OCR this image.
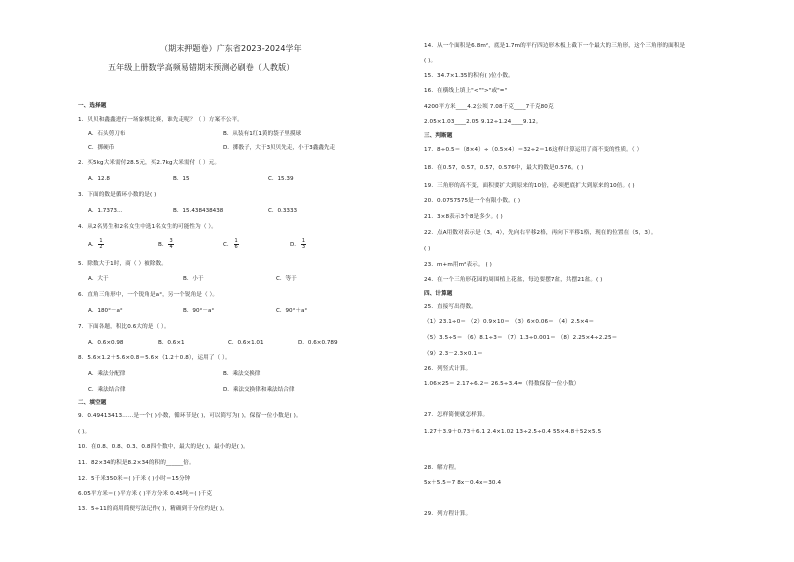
（期末押题卷）广东省2023-2024学年
五年级上册数学高频易错期末预测必刷卷（人教版）
一、选择题
1．贝贝和鑫鑫进行一场象棋比赛，谁先走呢？（ ）方案不公平。
A．石头剪刀布	B．从装有1红1黄的袋子里摸球
C．掷硬币	D．掷骰子，大于3贝贝先走，小于3鑫鑫先走
2．买5kg大米需付28.5元，买2.7kg大米需付（ ）元。
A．12.8	B．15	C．15.39
3．下面的数是循环小数的是( )
A．1.7373…	B．15.438438438	C．0.3333
4．从2名男生和2名女生中选1名女生的可能性为（ ）。
A． $\frac{1}{2}$	B． $\frac{3}{4}$	C． $\frac{1}{6}$	D． $\frac{1}{3}$
5．除数大于1时，商（ ）被除数。
A．大于	B．小于	C．等于
6．直角三角形中，一个锐角是a°，另一个锐角是（ ）。
A．180°－a°	B．90°－a°	C．90°＋a°
7．下面各题，积比0.6大的是（ ）。
A．0.6×0.98	B．0.6×1	C．0.6×1.01	D．0.6×0.789
8．5.6×1.2＋5.6×0.8＝5.6×（1.2＋0.8），运用了（ ）。
A．乘法分配律	B．乘法交换律
C．乘法结合律	D．乘法交换律和乘法结合律
二、填空题
9．0.49413413……是一个( )小数，循环节是( )，可以简写为( )，保留一位小数是( )。
( )。
10．在0.8、0.8、0.3、0.8四个数中，最大的是( )，最小的是( )。
11．82×34的积是8.2×34的积的______倍。
12．5千米350米＝( )千米 ( )小时＝15分钟
6.05平方米＝( )平方米 ( )平方分米 0.45吨＝( )千克
13．5÷11的商用简便写法记作( )，精确到千分位约是( )。
14．从一个面积是6.8m²，底是1.7m的平行四边形木板上截下一个最大的三角形，这个三角形的面积是
( )。
15．34.7×1.35的积有( )位小数。
16．在横线上填上"<"">"或"="
4200平方米____4.2公顷 7.08千克____7千克80克
2.05×1.03____2.05 9.12÷1.24____9.12。
三、判断题
17．8÷0.5＝（8×4）÷（0.5×4）＝32÷2＝16这样计算运用了商不变的性质。（ ）
18．在0.57̇，0.5̇7̇，0.57，0.576中，最大的数是0.576̇。( )
19．三角形的高不变，面积要扩大到原来的10倍，必须把底扩大到原来的10倍。( )
20．0.0757575是一个有限小数。( )
21．3×8表示3个8是多少。( )
22．点A用数对表示是（3，4），先向右平移2格，再向下平移1格，现在的位置在（5，3）。
( )
23．m+m用m²表示。 ( )
24．在一个三角形花园的周围植上花盆，每边要摆7盆，共摆21盆。( )
四、计算题
25．直接写出得数。
（1）23.1÷0＝ （2）0.9×10＝ （3）6×0.06＝ （4）2.5×4＝
（5）3.5÷5＝ （6）8.1÷3＝ （7）1.3÷0.001＝ （8）2.25×4÷2.25＝
（9）2.3－2.3×0.1＝
26．列竖式计算。
1.06×25＝ 2.17÷6.2＝ 26.5÷3.4≈（得数保留一位小数）
27．怎样简便就怎样算。
1.27＋3.9＋0.73＋6.1 2.4×1.02 13÷2.5÷0.4 55×4.8＋52×5.5
28．解方程。
5x＋5.5＝7 8x－0.4x＝30.4
29．列方程计算。
